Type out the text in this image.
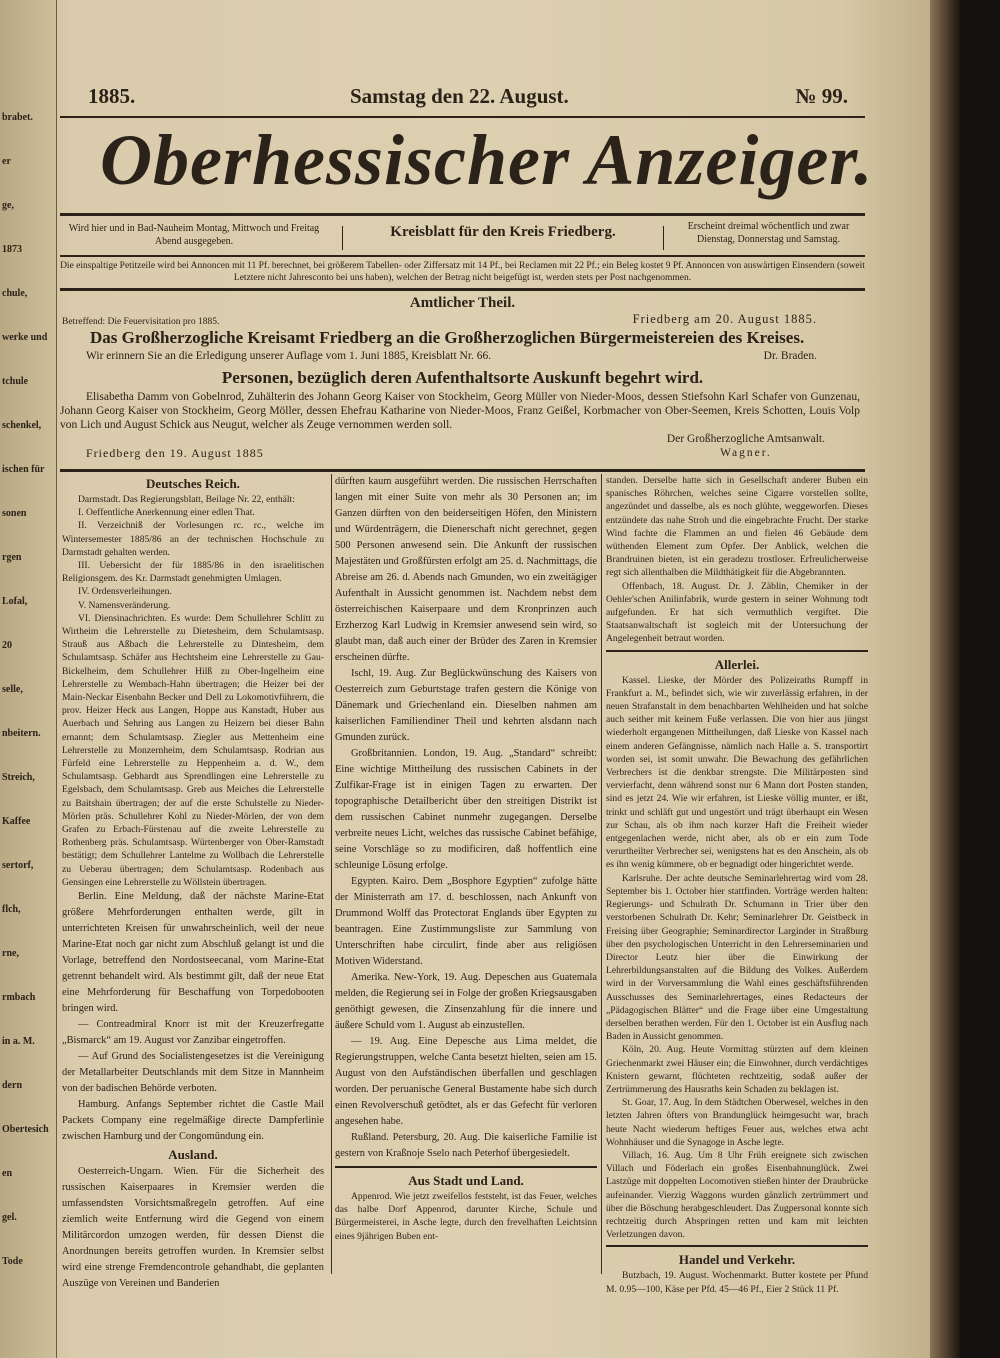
brabet.
er
ge,
1873
chule,
werke und
tchule
schenkel,
ischen für
sonen
rgen
Lofal,
20
selle,
nbeitern.
Streich,
Kaffee
sertorf,
flch,
rne,
rmbach
in a. M.
dern
Obertesich
en
gel.
Tode
1885.	Samstag den 22. August.	№ 99.
Oberhessischer Anzeiger.
Wird hier und in Bad-Nauheim Montag, Mittwoch und Freitag Abend ausgegeben.
Kreisblatt für den Kreis Friedberg.	Erscheint dreimal wöchentlich und zwar Dienstag, Donnerstag und Samstag.
Die einspaltige Petitzeile wird bei Annoncen mit 11 Pf. berechnet, bei größerem Tabellen- oder Ziffersatz mit 14 Pf., bei Reclamen mit 22 Pf.; ein Beleg kostet 9 Pf. Annoncen von auswärtigen Einsendern (soweit Letztere nicht Jahresconto bei uns haben), welchen der Betrag nicht beigefügt ist, werden stets per Post nachgenommen.
Amtlicher Theil.
Betreffend: Die Feuervisitation pro 1885.	Friedberg am 20. August 1885.
Das Großherzogliche Kreisamt Friedberg an die Großherzoglichen Bürgermeistereien des Kreises.
Wir erinnern Sie an die Erledigung unserer Auflage vom 1. Juni 1885, Kreisblatt Nr. 66.	Dr. Braden.
Personen, bezüglich deren Aufenthaltsorte Auskunft begehrt wird.
Elisabetha Damm von Gobelnrod, Zuhälterin des Johann Georg Kaiser von Stockheim, Georg Müller von Nieder-Moos, dessen Stiefsohn Karl Schafer von Gunzenau, Johann Georg Kaiser von Stockheim, Georg Möller, dessen Ehefrau Katharine von Nieder-Moos, Franz Geißel, Korbmacher von Ober-Seemen, Kreis Schotten, Louis Volp von Lich und August Schick aus Neugut, welcher als Zeuge vernommen werden soll.
Friedberg den 19. August 1885
Der Großherzogliche Amtsanwalt.
Wagner.
Deutsches Reich.

Darmstadt. Das Regierungsblatt, Beilage Nr. 22, enthält:

I. Oeffentliche Anerkennung einer edlen That.

II. Verzeichniß der Vorlesungen rc. rc., welche im Wintersemester 1885/86 an der technischen Hochschule zu Darmstadt gehalten werden.

III. Uebersicht der für 1885/86 in den israelitischen Religionsgem. des Kr. Darmstadt genehmigten Umlagen.

IV. Ordensverleihungen.

V. Namensveränderung.

VI. Diensinachrichten. Es wurde: Dem Schullehrer Schlitt zu Wirtheim die Lehrerstelle zu Dietesheim, dem Schulamtsasp. Strauß aus Aßbach die Lehrerstelle zu Dintesheim, dem Schulamtsasp. Schäfer aus Hechtsheim eine Lehrerstelle zu Gau-Bickelheim, dem Schullehrer Hilß zu Ober-Ingelheim eine Lehrerstelle zu Wembach-Hahn übertragen; die Heizer bei der Main-Neckar Eisenbahn Becker und Dell zu Lokomotivführern, die prov. Heizer Heck aus Langen, Hoppe aus Kanstadt, Huber aus Auerbach und Sehring aus Langen zu Heizern bei dieser Bahn ernannt; dem Schulamtsasp. Ziegler aus Mettenheim eine Lehrerstelle zu Monzernheim, dem Schulamtsasp. Rodrian aus Fürfeld eine Lehrerstelle zu Heppenheim a. d. W., dem Schulamtsasp. Gebhardt aus Sprendlingen eine Lehrerstelle zu Egelsbach, dem Schulamtsasp. Greb aus Meiches die Lehrerstelle zu Baitshain übertragen; der auf die erste Schulstelle zu Nieder-Mörlen präs. Schullehrer Kohl zu Nieder-Mörlen, der von dem Grafen zu Erbach-Fürstenau auf die zweite Lehrerstelle zu Rothenberg präs. Schulamtsasp. Würtenberger von Ober-Ramstadt bestätigt; dem Schullehrer Lantelme zu Wollbach die Lehrerstelle zu Ueberau übertragen; dem Schulamtsasp. Rodenbach aus Gensingen eine Lehrerstelle zu Wöllstein übertragen.

Berlin. Eine Meldung, daß der nächste Marine-Etat größere Mehrforderungen enthalten werde, gilt in unterrichteten Kreisen für unwahrscheinlich, weil der neue Marine-Etat noch gar nicht zum Abschluß gelangt ist und die Vorlage, betreffend den Nordostseecanal, vom Marine-Etat getrennt behandelt wird. Als bestimmt gilt, daß der neue Etat eine Mehrforderung für Beschaffung von Torpedobooten bringen wird.

— Contreadmiral Knorr ist mit der Kreuzerfregatte „Bismarck“ am 19. August vor Zanzibar eingetroffen.

— Auf Grund des Socialistengesetzes ist die Vereinigung der Metallarbeiter Deutschlands mit dem Sitze in Mannheim von der badischen Behörde verboten.

Hamburg. Anfangs September richtet die Castle Mail Packets Company eine regelmäßige directe Dampferlinie zwischen Hamburg und der Congomündung ein.

Ausland.

Oesterreich-Ungarn. Wien. Für die Sicherheit des russischen Kaiserpaares in Kremsier werden die umfassendsten Vorsichtsmaßregeln getroffen. Auf eine ziemlich weite Entfernung wird die Gegend von einem Militärcordon umzogen werden, für dessen Dienst die Anordnungen bereits getroffen wurden. In Kremsier selbst wird eine strenge Fremdencontrole gehandhabt, die geplanten Auszüge von Vereinen und Banderien

dürften kaum ausgeführt werden. Die russischen Herrschaften langen mit einer Suite von mehr als 30 Personen an; im Ganzen dürften von den beiderseitigen Höfen, den Ministern und Würdenträgern, die Dienerschaft nicht gerechnet, gegen 500 Personen anwesend sein. Die Ankunft der russischen Majestäten und Großfürsten erfolgt am 25. d. Nachmittags, die Abreise am 26. d. Abends nach Gmunden, wo ein zweitägiger Aufenthalt in Aussicht genommen ist. Nachdem nebst dem österreichischen Kaiserpaare und dem Kronprinzen auch Erzherzog Karl Ludwig in Kremsier anwesend sein wird, so glaubt man, daß auch einer der Brüder des Zaren in Kremsier erscheinen dürfte.

Ischl, 19. Aug. Zur Beglückwünschung des Kaisers von Oesterreich zum Geburtstage trafen gestern die Könige von Dänemark und Griechenland ein. Dieselben nahmen am kaiserlichen Familiendiner Theil und kehrten alsdann nach Gmunden zurück.

Großbritannien. London, 19. Aug. „Standard“ schreibt: Eine wichtige Mittheilung des russischen Cabinets in der Zulfikar-Frage ist in einigen Tagen zu erwarten. Der topographische Detailbericht über den streitigen Distrikt ist dem russischen Cabinet nunmehr zugegangen. Derselbe verbreite neues Licht, welches das russische Cabinet befähige, seine Vorschläge so zu modificiren, daß hoffentlich eine schleunige Lösung erfolge.

Egypten. Kairo. Dem „Bosphore Egyptien“ zufolge hätte der Ministerrath am 17. d. beschlossen, nach Ankunft von Drummond Wolff das Protectorat Englands über Egypten zu beantragen. Eine Zustimmungsliste zur Sammlung von Unterschriften habe circulirt, finde aber aus religiösen Motiven Widerstand.

Amerika. New-York, 19. Aug. Depeschen aus Guatemala melden, die Regierung sei in Folge der großen Kriegsausgaben genöthigt gewesen, die Zinsenzahlung für die innere und äußere Schuld vom 1. August ab einzustellen.

— 19. Aug. Eine Depesche aus Lima meldet, die Regierungstruppen, welche Canta besetzt hielten, seien am 15. August von den Aufständischen überfallen und geschlagen worden. Der peruanische General Bustamente habe sich durch einen Revolverschuß getödtet, als er das Gefecht für verloren angesehen habe.

Rußland. Petersburg, 20. Aug. Die kaiserliche Familie ist gestern von Kraßnoje Sselo nach Peterhof übergesiedelt.

Aus Stadt und Land.

Appenrod. Wie jetzt zweifellos feststeht, ist das Feuer, welches das halbe Dorf Appenrod, darunter Kirche, Schule und Bürgermeisterei, in Asche legte, durch den frevelhaften Leichtsinn eines 9jährigen Buben ent-

standen. Derselbe hatte sich in Gesellschaft anderer Buben ein spanisches Röhrchen, welches seine Cigarre vorstellen sollte, angezündet und dasselbe, als es noch glühte, weggeworfen. Dieses entzündete das nahe Stroh und die eingebrachte Frucht. Der starke Wind fachte die Flammen an und fielen 46 Gebäude dem wüthenden Element zum Opfer. Der Anblick, welchen die Brandruinen bieten, ist ein geradezu trostloser. Erfreulicherweise regt sich allenthalben die Mildthätigkeit für die Abgebrannten.

Offenbach, 18. August. Dr. J. Zäblin, Chemiker in der Oehler'schen Anilinfabrik, wurde gestern in seiner Wohnung todt aufgefunden. Er hat sich vermuthlich vergiftet. Die Staatsanwaltschaft ist sogleich mit der Untersuchung der Angelegenheit betraut worden.

Allerlei.

Kassel. Lieske, der Mörder des Polizeiraths Rumpff in Frankfurt a. M., befindet sich, wie wir zuverlässig erfahren, in der neuen Strafanstalt in dem benachbarten Wehlheiden und hat solche auch seither mit keinem Fuße verlassen. Die von hier aus jüngst wiederholt ergangenen Mittheilungen, daß Lieske von Kassel nach einem anderen Gefängnisse, nämlich nach Halle a. S. transportirt worden sei, ist somit unwahr. Die Bewachung des gefährlichen Verbrechers ist die denkbar strengste. Die Militärposten sind vervierfacht, denn während sonst nur 6 Mann dort Posten standen, sind es jetzt 24. Wie wir erfahren, ist Lieske völlig munter, er ißt, trinkt und schläft gut und ungestört und trägt überhaupt ein Wesen zur Schau, als ob ihm nach kurzer Haft die Freiheit wieder entgegenlachen werde, nicht aber, als ob er ein zum Tode verurtheilter Verbrecher sei, wenigstens hat es den Anschein, als ob es ihn wenig kümmere, ob er begnadigt oder hingerichtet werde.

Karlsruhe. Der achte deutsche Seminarlehrertag wird vom 28. September bis 1. October hier stattfinden. Vorträge werden halten: Regierungs- und Schulrath Dr. Schumann in Trier über den verstorbenen Schulrath Dr. Kehr; Seminarlehrer Dr. Geistbeck in Freising über Geographie; Seminardirector Larginder in Straßburg über den psychologischen Unterricht in den Lehrerseminarien und Director Leutz hier über die Einwirkung der Lehrerbildungsanstalten auf die Bildung des Volkes. Außerdem wird in der Vorversammlung die Wahl eines geschäftsführenden Ausschusses des Seminarlehrertages, eines Redacteurs der „Pädagogischen Blätter“ und die Frage über eine Umgestaltung derselben berathen werden. Für den 1. October ist ein Ausflug nach Baden in Aussicht genommen.

Köln, 20. Aug. Heute Vormittag stürzten auf dem kleinen Griechenmarkt zwei Häuser ein; die Einwohner, durch verdächtiges Knistern gewarnt, flüchteten rechtzeitig, sodaß außer der Zertrümmerung des Hausraths kein Schaden zu beklagen ist.

St. Goar, 17. Aug. In dem Städtchen Oberwesel, welches in den letzten Jahren öfters von Brandunglück heimgesucht war, brach heute Nacht wiederum heftiges Feuer aus, welches etwa acht Wohnhäuser und die Synagoge in Asche legte.

Villach, 16. Aug. Um 8 Uhr Früh ereignete sich zwischen Villach und Föderlach ein großes Eisenbahnunglück. Zwei Lastzüge mit doppelten Locomotiven stießen hinter der Draubrücke aufeinander. Vierzig Waggons wurden gänzlich zertrümmert und über die Böschung herabgeschleudert. Das Zugpersonal konnte sich rechtzeitig durch Abspringen retten und kam mit leichten Verletzungen davon.

Handel und Verkehr.

Butzbach, 19. August. Wochenmarkt. Butter kostete per Pfund M. 0.95—100, Käse per Pfd. 45—46 Pf., Eier 2 Stück 11 Pf.
